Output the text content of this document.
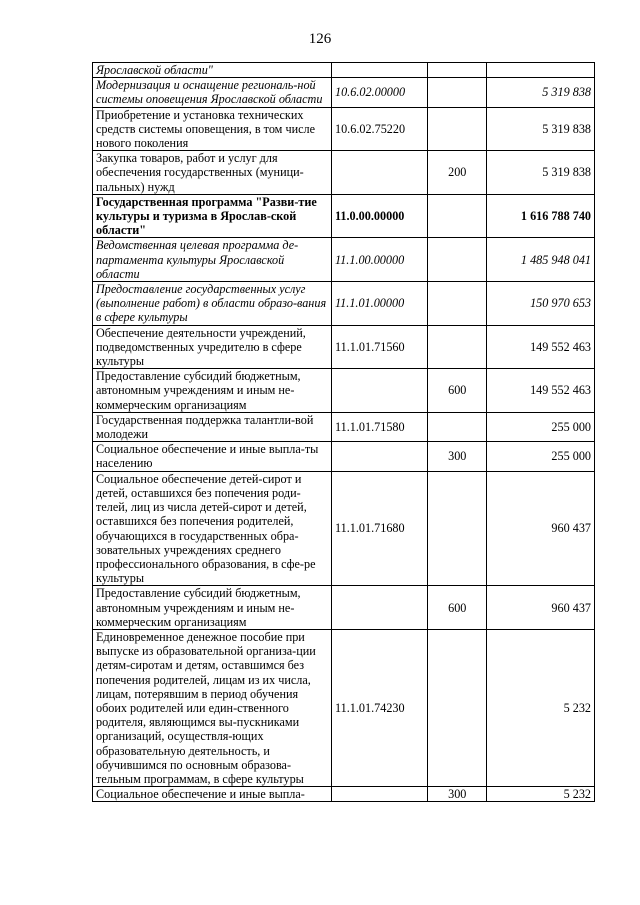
126
Ярославской области"			
Модернизация и оснащение региональ-ной системы оповещения Ярославской области	10.6.02.00000		5 319 838
Приобретение и установка технических средств системы оповещения, в том числе нового поколения	10.6.02.75220		5 319 838
Закупка товаров, работ и услуг для обеспечения государственных (муници-пальных) нужд		200	5 319 838
Государственная программа "Разви-тие культуры и туризма в Ярослав-ской области"	11.0.00.00000		1 616 788 740
Ведомственная целевая программа де-партамента культуры Ярославской области	11.1.00.00000		1 485 948 041
Предоставление государственных услуг (выполнение работ) в области образо-вания в сфере культуры	11.1.01.00000		150 970 653
Обеспечение деятельности учреждений, подведомственных учредителю в сфере культуры	11.1.01.71560		149 552 463
Предоставление субсидий бюджетным, автономным учреждениям и иным не-коммерческим организациям		600	149 552 463
Государственная поддержка талантли-вой молодежи	11.1.01.71580		255 000
Социальное обеспечение и иные выпла-ты населению		300	255 000
Социальное обеспечение детей-сирот и детей, оставшихся без попечения роди-телей, лиц из числа детей-сирот и детей, оставшихся без попечения родителей, обучающихся в государственных обра-зовательных учреждениях среднего профессионального образования, в сфе-ре культуры	11.1.01.71680		960 437
Предоставление субсидий бюджетным, автономным учреждениям и иным не-коммерческим организациям		600	960 437
Единовременное денежное пособие при выпуске из образовательной организа-ции детям-сиротам и детям, оставшимся без попечения родителей, лицам из их числа, лицам, потерявшим в период обучения обоих родителей или един-ственного родителя, являющимся вы-пускниками организаций, осуществля-ющих образовательную деятельность, и обучившимся по основным образова-тельным программам, в сфере культуры	11.1.01.74230		5 232
Социальное обеспечение и иные выпла-		300	5 232
